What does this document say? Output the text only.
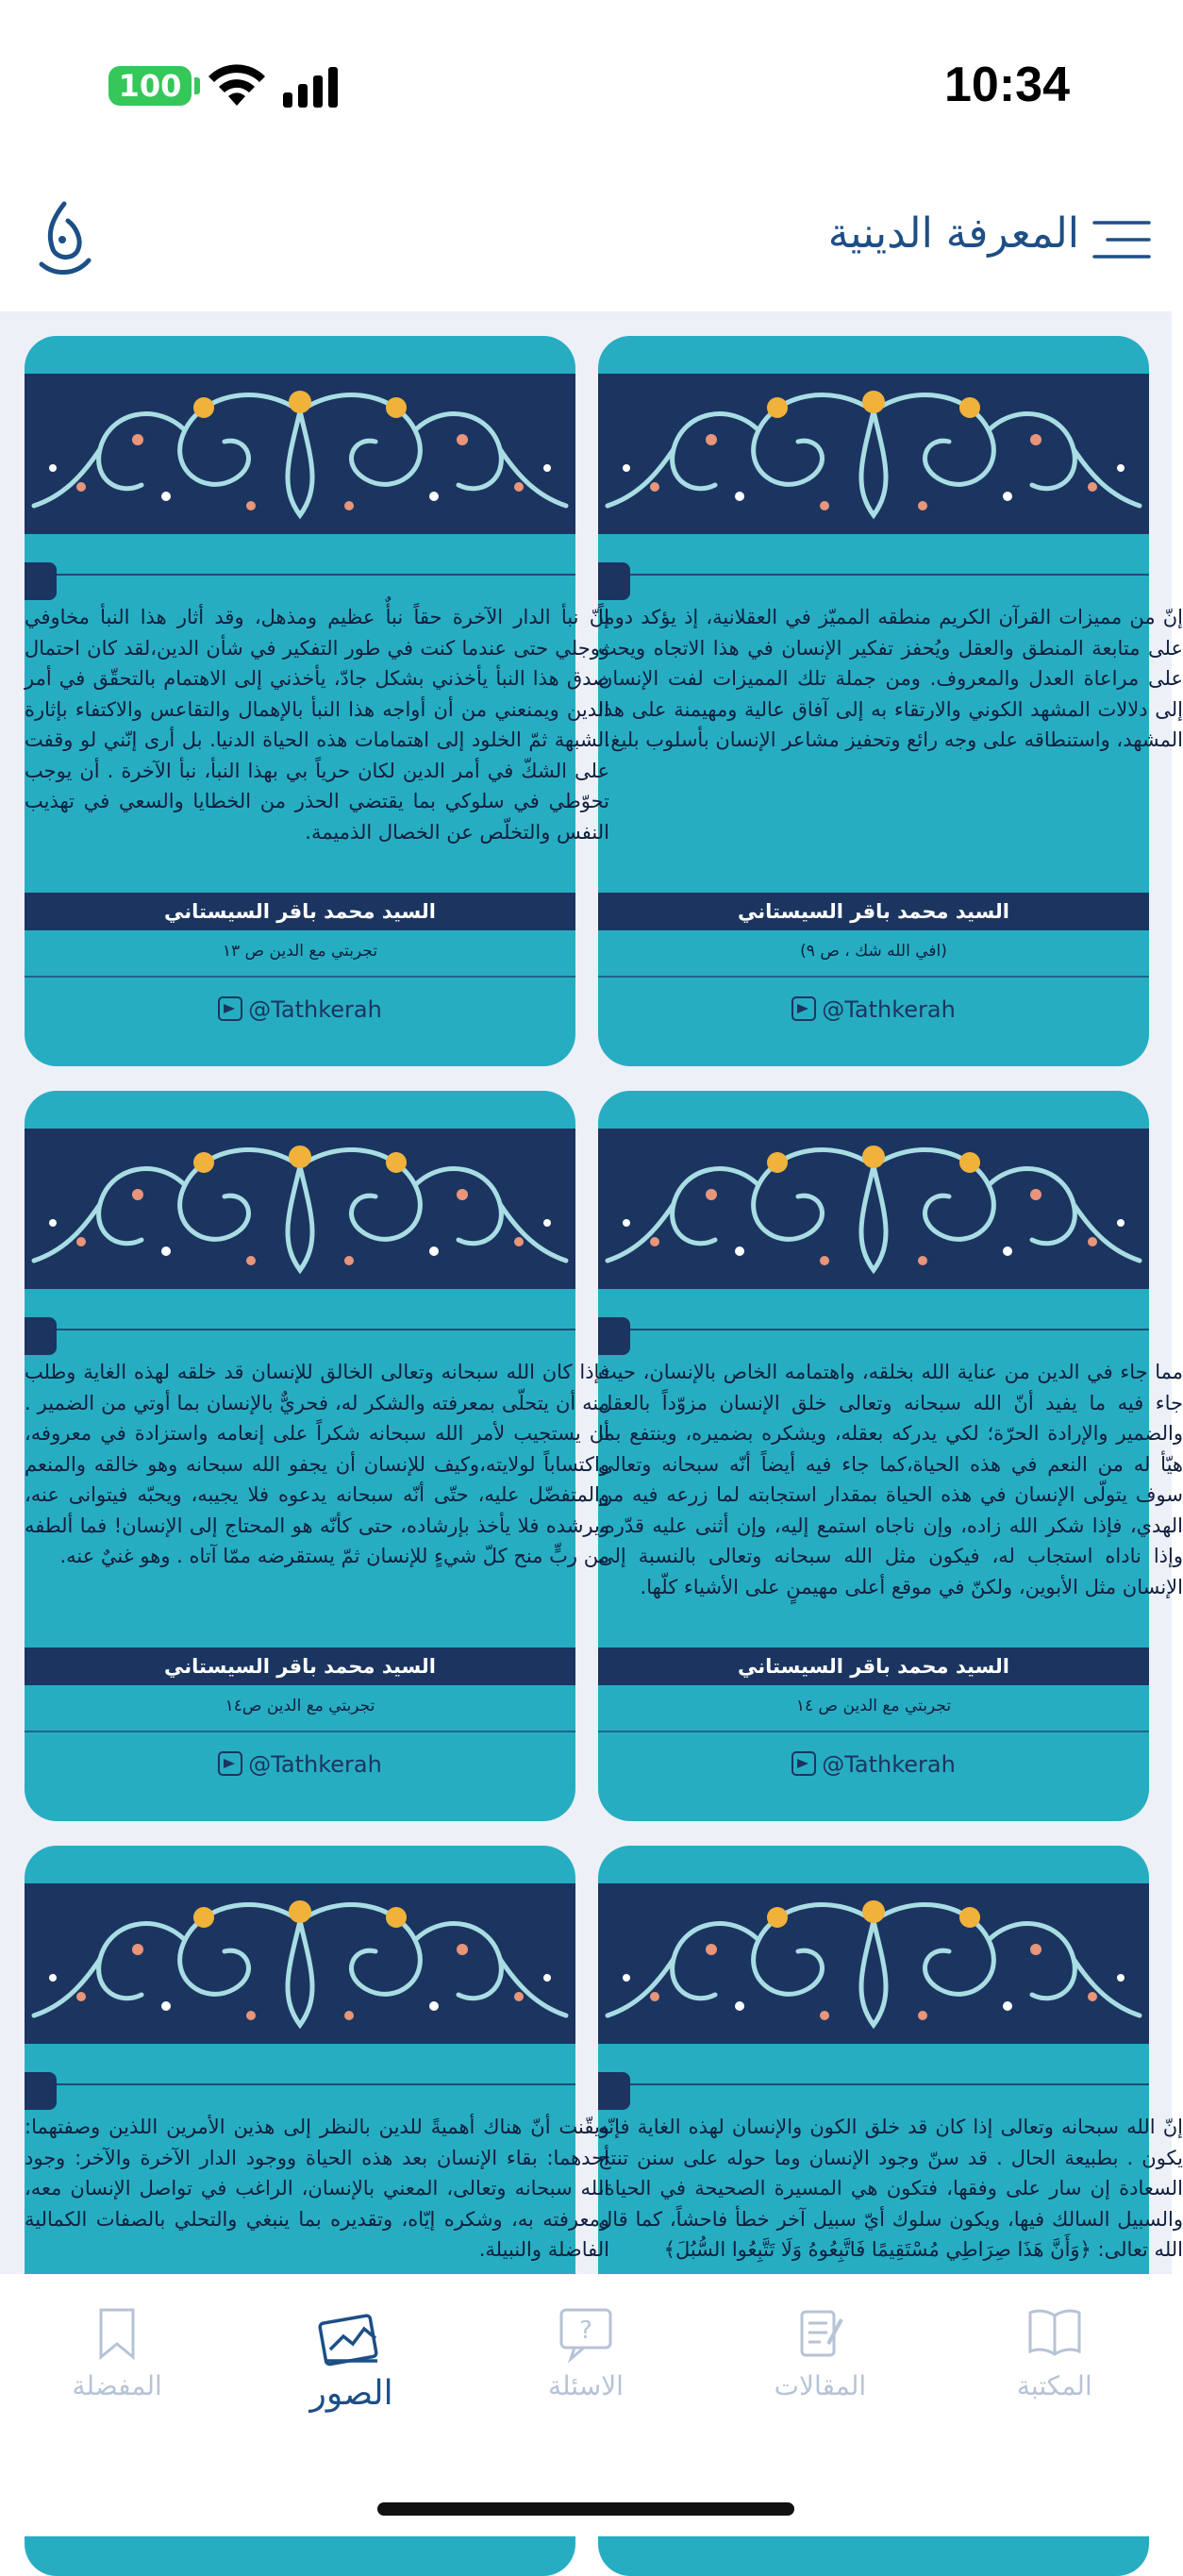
100	10:34
المعرفة الدينية
إنّ من مميزات القرآن الكريم منطقه المميّز في العقلانية، إذ يؤكد دوماً على متابعة المنطق والعقل ويُحفز تفكير الإنسان في هذا الاتجاه ويحث على مراعاة العدل والمعروف. ومن جملة تلك المميزات لفت الإنسان إلى دلالات المشهد الكوني والارتقاء به إلى آفاق عالية ومهيمنة على هذا المشهد، واستنطاقه على وجه رائع وتحفيز مشاعر الإنسان بأسلوب بليغ.
السيد محمد باقر السيستاني
(افي الله شك ، ص ٩)
@Tathkerah
إنّ نبأ الدار الآخرة حقاً نبأٌ عظيم ومذهل، وقد أثار هذا النبأ مخاوفي ووجلي حتى عندما كنت في طور التفكير في شأن الدين،لقد كان احتمال صدق هذا النبأ يأخذني بشكل جادّ، يأخذني إلى الاهتمام بالتحقّق في أمر الدين ويمنعني من أن أواجه هذا النبأ بالإهمال والتقاعس والاكتفاء بإثارة الشبهة ثمّ الخلود إلى اهتمامات هذه الحياة الدنيا. بل أرى إنّني لو وقفت على الشكّ في أمر الدين لكان حرياً بي بهذا النبأ، نبأ الآخرة . أن يوجب تحوّطي في سلوكي بما يقتضي الحذر من الخطايا والسعي في تهذيب النفس والتخلّص عن الخصال الذميمة.
السيد محمد باقر السيستاني
تجربتي مع الدين ص ١٣
@Tathkerah
مما جاء في الدين من عناية الله بخلقه، واهتمامه الخاص بالإنسان، حيث جاء فيه ما يفيد أنّ الله سبحانه وتعالى خلق الإنسان مزوّداً بالعقل والضمير والإرادة الحرّة؛ لكي يدركه بعقله، ويشكره بضميره، وينتفع بما هيّأ له من النعم في هذه الحياة،كما جاء فيه أيضاً أنّه سبحانه وتعالى سوف يتولّى الإنسان في هذه الحياة بمقدار استجابته لما زرعه فيه من الهدي، فإذا شكر الله زاده، وإن ناجاه استمع إليه، وإن أثنى عليه قدّره، وإذا ناداه استجاب له، فيكون مثل الله سبحانه وتعالى بالنسبة إلى الإنسان مثل الأبوين، ولكنّ في موقع أعلى مهيمنٍ على الأشياء كلّها.
السيد محمد باقر السيستاني
تجربتي مع الدين ص ١٤
@Tathkerah
فإذا كان الله سبحانه وتعالى الخالق للإنسان قد خلقه لهذه الغاية وطلب منه أن يتحلّى بمعرفته والشكر له، فحريٌّ بالإنسان بما أوتي من الضمير . أن يستجيب لأمر الله سبحانه شكراً على إنعامه واستزادة في معروفه، واكتساباً لولايته،وكيف للإنسان أن يجفو الله سبحانه وهو خالقه والمنعم والمتفضّل عليه، حتّى أنّه سبحانه يدعوه فلا يجيبه، ويحبّه فيتوانى عنه، ويرشده فلا يأخذ بإرشاده، حتى كأنّه هو المحتاج إلى الإنسان! فما ألطفه من ربٍّ منح كلّ شيءٍ للإنسان ثمّ يستقرضه ممّا آتاه . وهو غنيٌ عنه.
السيد محمد باقر السيستاني
تجربتي مع الدين ص١٤
@Tathkerah
إنّ الله سبحانه وتعالى إذا كان قد خلق الكون والإنسان لهذه الغاية فإنّه يكون . بطبيعة الحال . قد سنّ وجود الإنسان وما حوله على سنن تنتج السعادة إن سار على وفقها، فتكون هي المسيرة الصحيحة في الحياة، والسبيل السالك فيها، ويكون سلوك أيّ سبيل آخر خطأ فاحشاً، كما قال الله تعالى: ﴿وَأَنَّ هَذَا صِرَاطِي مُسْتَقِيمًا فَاتَّبِعُوهُ وَلَا تَتَّبِعُوا السُّبُلَ﴾
ويقّنت أنّ هناك أهميةً للدين بالنظر إلى هذين الأمرين اللذين وصفتهما: أحدهما: بقاء الإنسان بعد هذه الحياة ووجود الدار الآخرة والآخر: وجود الله سبحانه وتعالى، المعني بالإنسان، الراغب في تواصل الإنسان معه، ومعرفته به، وشكره إيّاه، وتقديره بما ينبغي والتحلي بالصفات الكمالية الفاضلة والنبيلة.
المكتبة
المقالات
?
الاسئلة
الصور
المفضلة
